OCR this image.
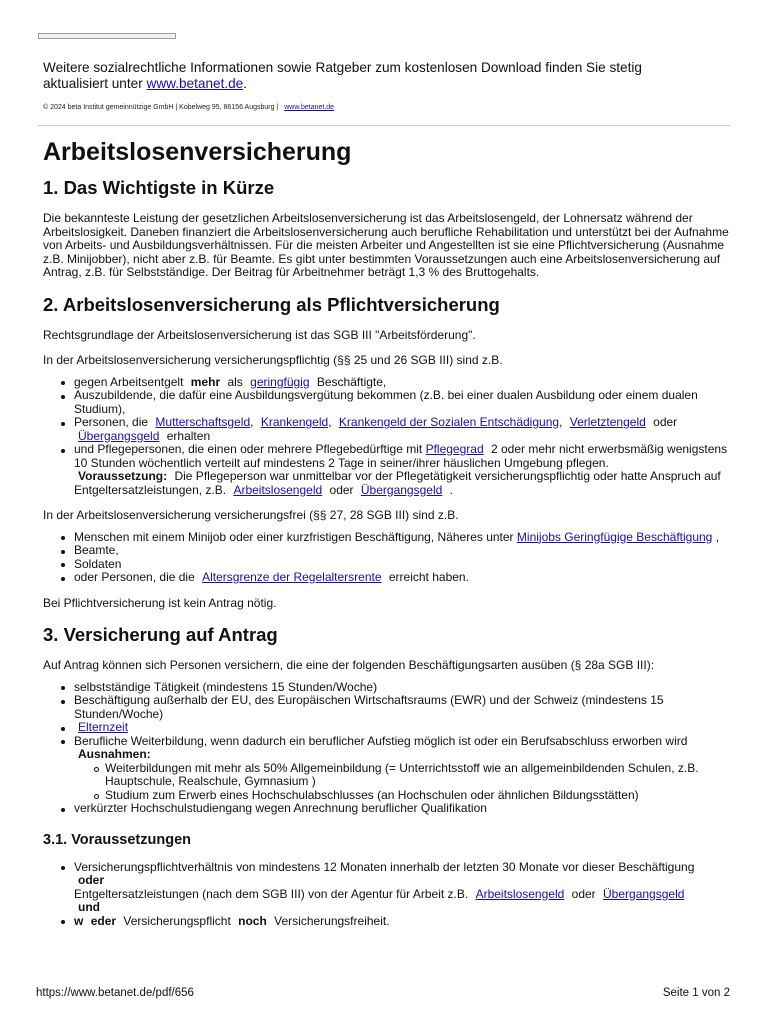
Weitere sozialrechtliche Informationen sowie Ratgeber zum kostenlosen Download finden Sie stetig aktualisiert unter www.betanet.de.
© 2024 beta Institut gemeinnützige GmbH | Kobelweg 95, 86156 Augsburg | www.betanet.de
Arbeitslosenversicherung
1. Das Wichtigste in Kürze

Die bekannteste Leistung der gesetzlichen Arbeitslosenversicherung ist das Arbeitslosengeld, der Lohnersatz während der Arbeitslosigkeit. Daneben finanziert die Arbeitslosenversicherung auch berufliche Rehabilitation und unterstützt bei der Aufnahme von Arbeits- und Ausbildungsverhältnissen. Für die meisten Arbeiter und Angestellten ist sie eine Pflichtversicherung (Ausnahme z.B. Minijobber), nicht aber z.B. für Beamte. Es gibt unter bestimmten Voraussetzungen auch eine Arbeitslosenversicherung auf Antrag, z.B. für Selbstständige. Der Beitrag für Arbeitnehmer beträgt 1,3 % des Bruttogehalts.

2. Arbeitslosenversicherung als Pflichtversicherung

Rechtsgrundlage der Arbeitslosenversicherung ist das SGB III "Arbeitsförderung".

In der Arbeitslosenversicherung versicherungspflichtig (§§ 25 und 26 SGB III) sind z.B.

gegen Arbeitsentgelt mehr als geringfügig Beschäftigte,
Auszubildende, die dafür eine Ausbildungsvergütung bekommen (z.B. bei einer dualen Ausbildung oder einem dualen Studium),
Personen, die Mutterschaftsgeld, Krankengeld, Krankengeld der Sozialen Entschädigung, Verletztengeld oder Übergangsgeld erhalten
und Pflegepersonen, die einen oder mehrere Pflegebedürftige mit Pflegegrad 2 oder mehr nicht erwerbsmäßig wenigstens 10 Stunden wöchentlich verteilt auf mindestens 2 Tage in seiner/ihrer häuslichen Umgebung pflegen.
Voraussetzung: Die Pflegeperson war unmittelbar vor der Pflegetätigkeit versicherungspflichtig oder hatte Anspruch auf Entgeltersatzleistungen, z.B. Arbeitslosengeld oder Übergangsgeld .

In der Arbeitslosenversicherung versicherungsfrei (§§ 27, 28 SGB III) sind z.B.

Menschen mit einem Minijob oder einer kurzfristigen Beschäftigung, Näheres unter Minijobs Geringfügige Beschäftigung ,
Beamte,
Soldaten
oder Personen, die die Altersgrenze der Regelaltersrente erreicht haben.

Bei Pflichtversicherung ist kein Antrag nötig.

3. Versicherung auf Antrag

Auf Antrag können sich Personen versichern, die eine der folgenden Beschäftigungsarten ausüben (§ 28a SGB III):

selbstständige Tätigkeit (mindestens 15 Stunden/Woche)
Beschäftigung außerhalb der EU, des Europäischen Wirtschaftsraums (EWR) und der Schweiz (mindestens 15 Stunden/Woche)
Elternzeit
Berufliche Weiterbildung, wenn dadurch ein beruflicher Aufstieg möglich ist oder ein Berufsabschluss erworben wird
Ausnahmen:
Weiterbildungen mit mehr als 50% Allgemeinbildung (= Unterrichtsstoff wie an allgemeinbildenden Schulen, z.B. Hauptschule, Realschule, Gymnasium )
Studium zum Erwerb eines Hochschulabschlusses (an Hochschulen oder ähnlichen Bildungsstätten)
verkürzter Hochschulstudiengang wegen Anrechnung beruflicher Qualifikation
3.1. Voraussetzungen
Versicherungspflichtverhältnis von mindestens 12 Monaten innerhalb der letzten 30 Monate vor dieser Beschäftigung
oder
Entgeltersatzleistungen (nach dem SGB III) von der Agentur für Arbeit z.B. Arbeitslosengeld oder Übergangsgeld
und
w eder Versicherungspflicht noch Versicherungsfreiheit.
https://www.betanet.de/pdf/656	Seite 1 von 2
